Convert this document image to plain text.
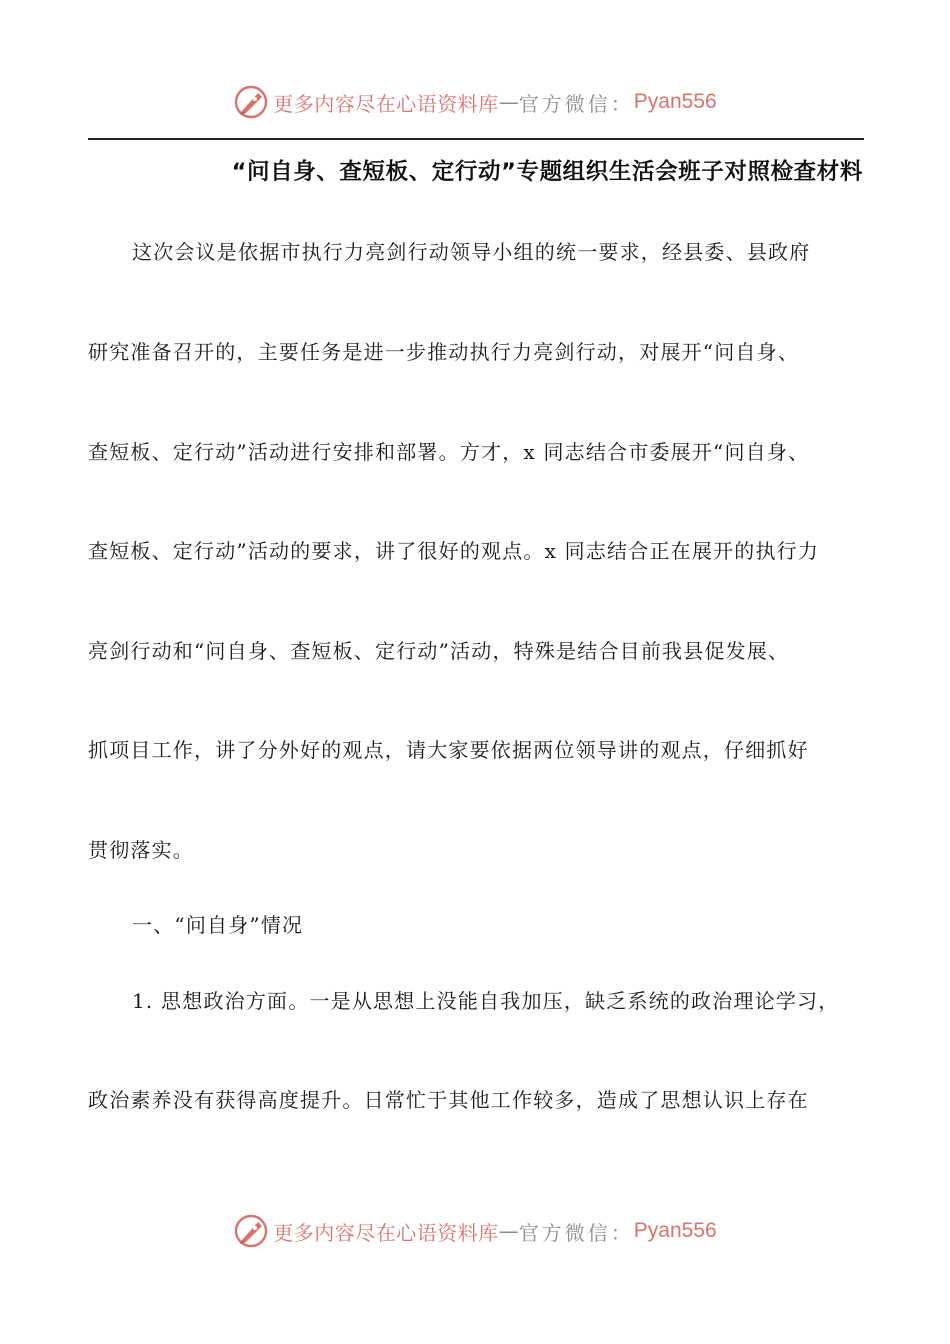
更多内容尽在心语资料库 — 官方微信： Pyan556
“问自身、查短板、定行动”专题组织生活会班子对照检查材料
这次会议是依据市执行力亮剑行动领导小组的统一要求，经县委、县政府
研究准备召开的，主要任务是进一步推动执行力亮剑行动，对展开“问自身、
查短板、定行动”活动进行安排和部署。方才，x 同志结合市委展开“问自身、
查短板、定行动”活动的要求，讲了很好的观点。x 同志结合正在展开的执行力
亮剑行动和“问自身、查短板、定行动”活动，特殊是结合目前我县促发展、
抓项目工作，讲了分外好的观点，请大家要依据两位领导讲的观点，仔细抓好
贯彻落实。
一、“问自身”情况
1. 思想政治方面。一是从思想上没能自我加压，缺乏系统的政治理论学习，
政治素养没有获得高度提升。日常忙于其他工作较多，造成了思想认识上存在
更多内容尽在心语资料库 — 官方微信： Pyan556
